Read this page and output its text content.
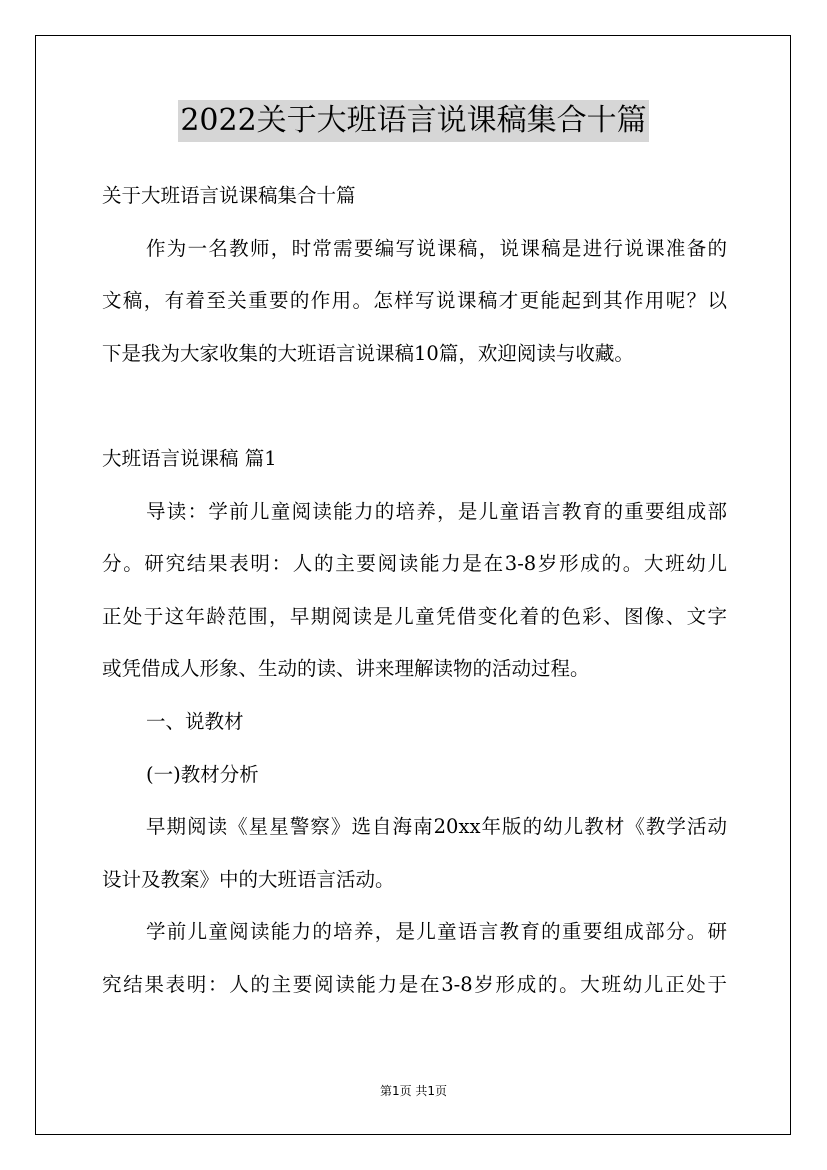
2022关于大班语言说课稿集合十篇
关于大班语言说课稿集合十篇
作为一名教师，时常需要编写说课稿，说课稿是进行说课准备的
文稿，有着至关重要的作用。怎样写说课稿才更能起到其作用呢？以
下是我为大家收集的大班语言说课稿10篇，欢迎阅读与收藏。
大班语言说课稿 篇1
导读：学前儿童阅读能力的培养，是儿童语言教育的重要组成部
分。研究结果表明：人的主要阅读能力是在3-8岁形成的。大班幼儿
正处于这年龄范围，早期阅读是儿童凭借变化着的色彩、图像、文字
或凭借成人形象、生动的读、讲来理解读物的活动过程。
一、说教材
(一)教材分析
早期阅读《星星警察》选自海南20xx年版的幼儿教材《教学活动
设计及教案》中的大班语言活动。
学前儿童阅读能力的培养，是儿童语言教育的重要组成部分。研
究结果表明：人的主要阅读能力是在3-8岁形成的。大班幼儿正处于
第1页 共1页
